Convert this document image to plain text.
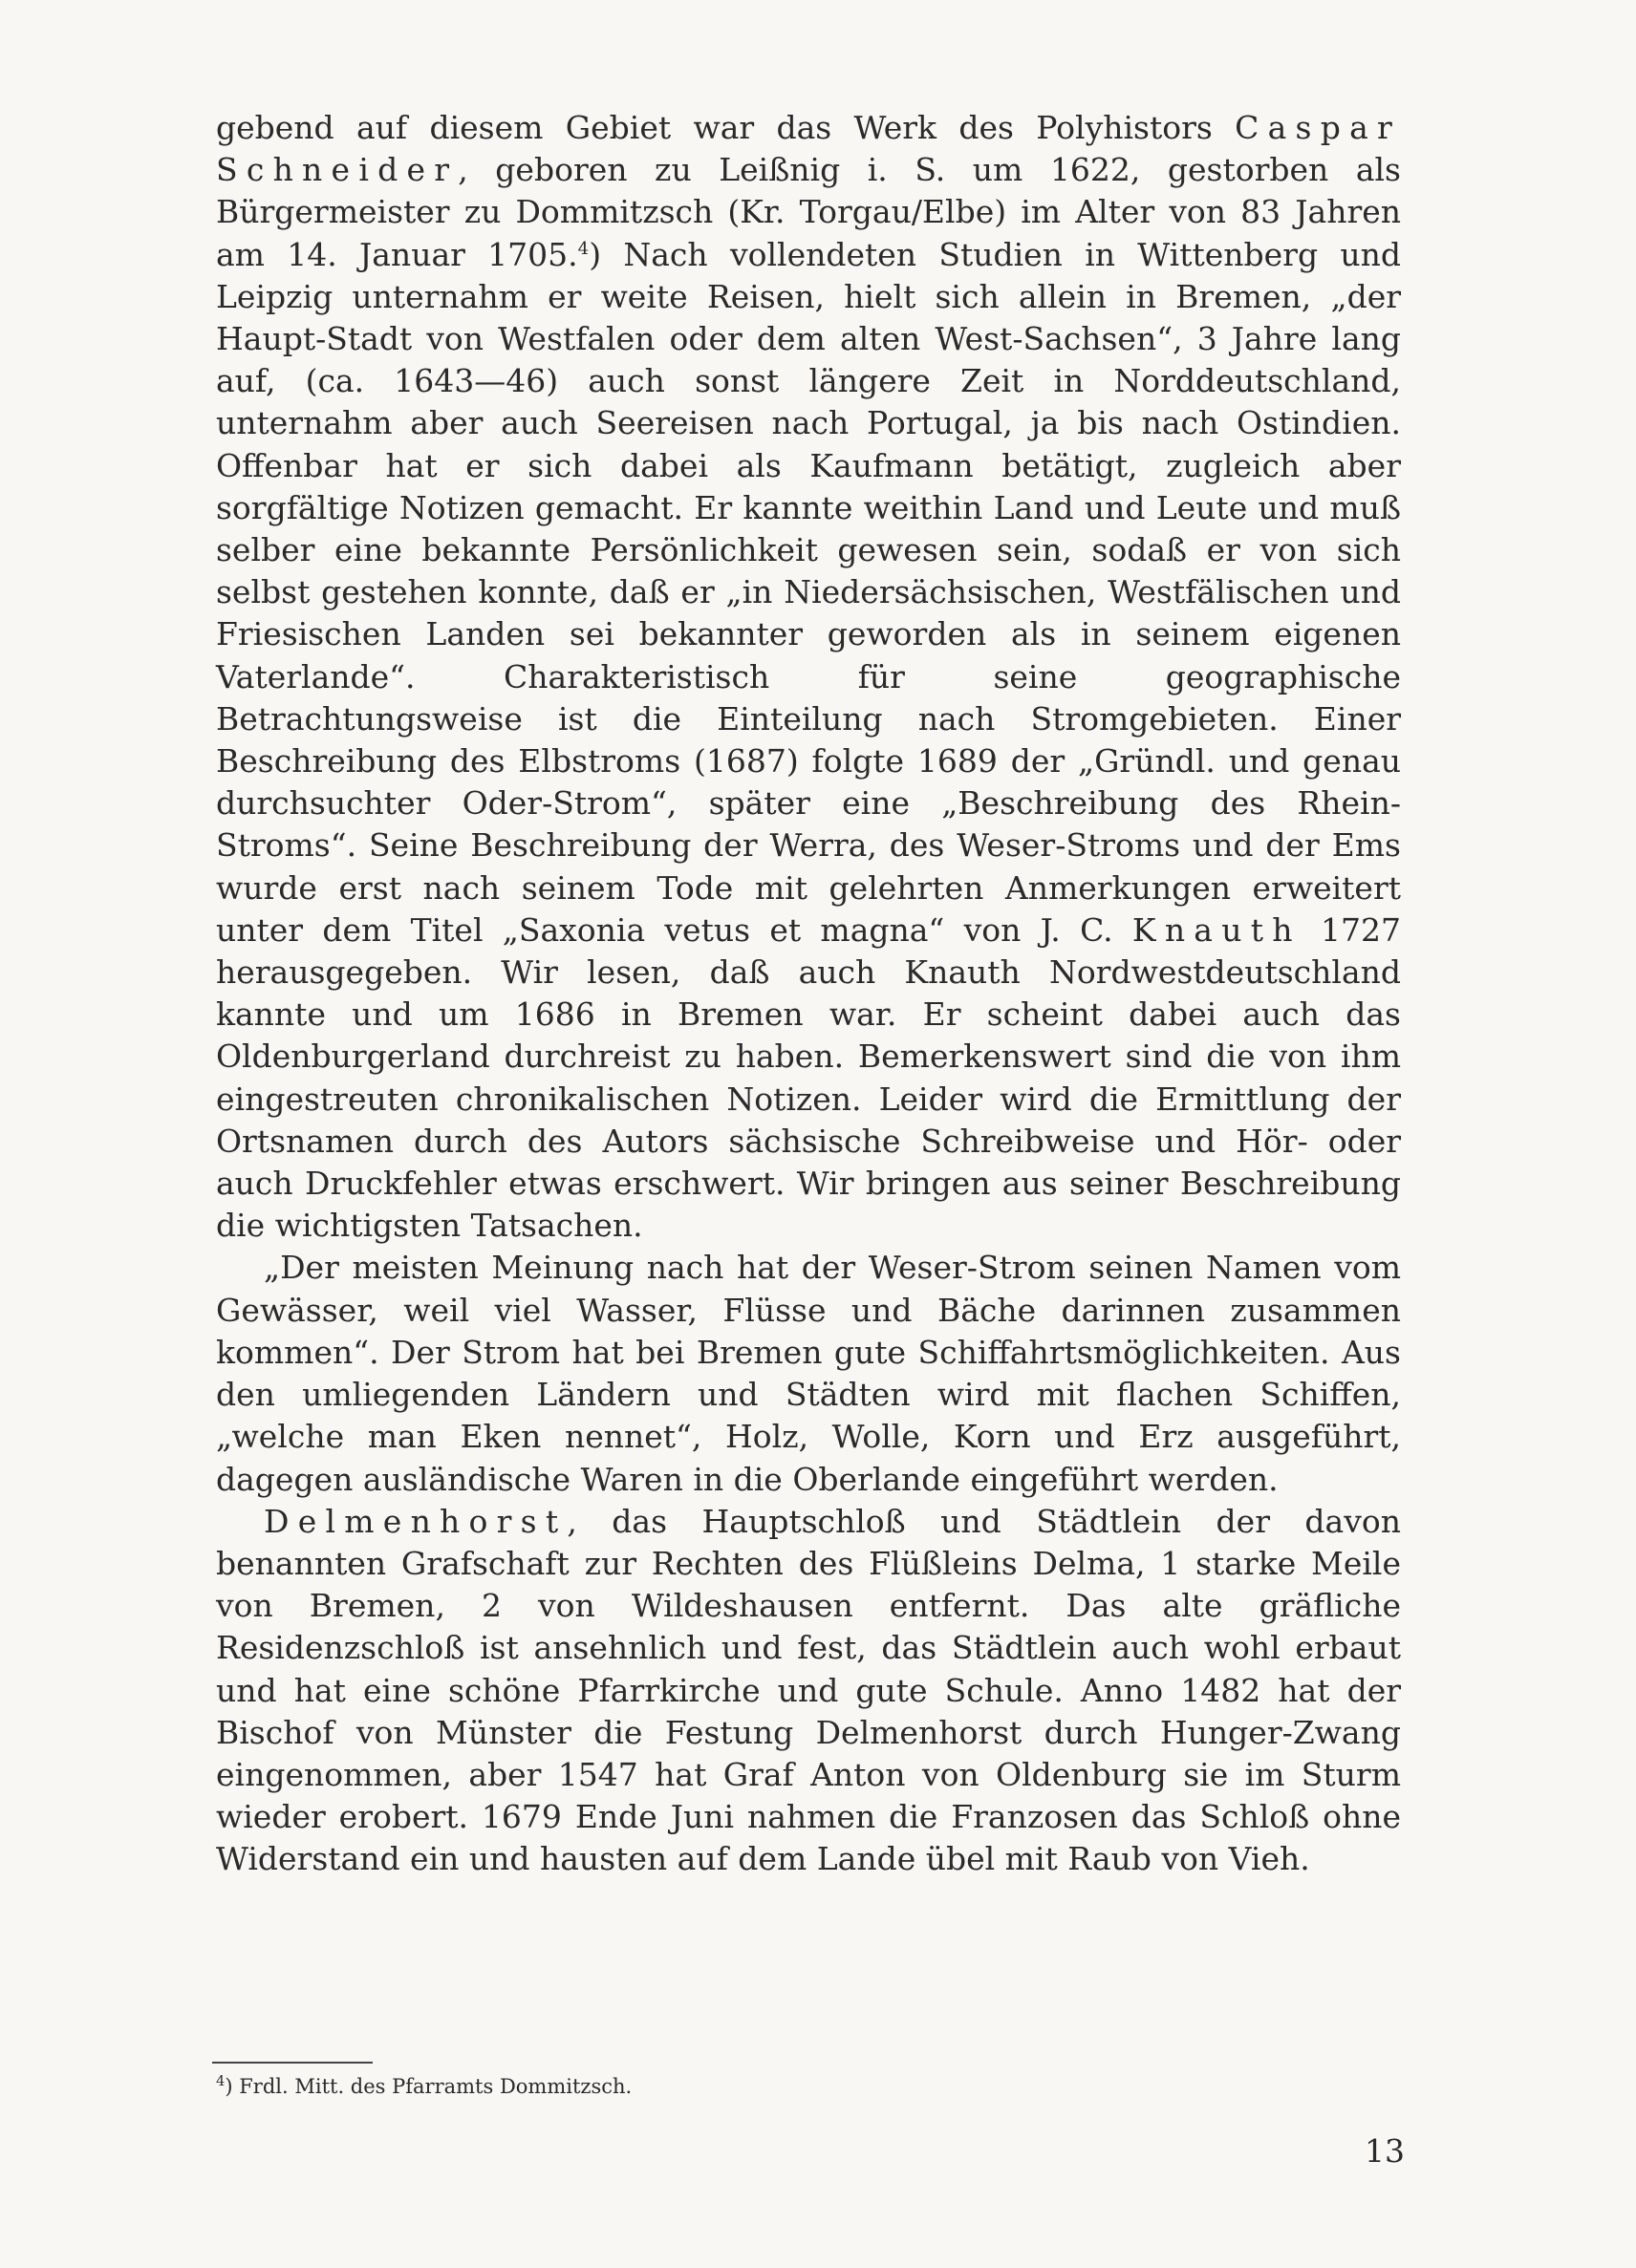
gebend auf diesem Gebiet war das Werk des Polyhistors Caspar Schneider, geboren zu Leißnig i. S. um 1622, gestorben als Bürgermeister zu Dommitzsch (Kr. Torgau/Elbe) im Alter von 83 Jahren am 14. Januar 1705.$^4$) Nach vollendeten Studien in Wittenberg und Leipzig unternahm er weite Reisen, hielt sich allein in Bremen, „der Haupt-Stadt von Westfalen oder dem alten West-Sachsen“, 3 Jahre lang auf, (ca. 1643—46) auch sonst längere Zeit in Norddeutschland, unternahm aber auch Seereisen nach Portugal, ja bis nach Ostindien. Offenbar hat er sich dabei als Kaufmann betätigt, zugleich aber sorgfältige Notizen gemacht. Er kannte weithin Land und Leute und muß selber eine bekannte Persönlichkeit gewesen sein, sodaß er von sich selbst gestehen konnte, daß er „in Niedersächsischen, Westfälischen und Friesischen Landen sei bekannter geworden als in seinem eigenen Vaterlande“. Charakteristisch für seine geographische Betrachtungsweise ist die Einteilung nach Stromgebieten. Einer Beschreibung des Elbstroms (1687) folgte 1689 der „Gründl. und genau durchsuchter Oder-Strom“, später eine „Beschreibung des Rhein-Stroms“. Seine Beschreibung der Werra, des Weser-Stroms und der Ems wurde erst nach seinem Tode mit gelehrten Anmerkungen erweitert unter dem Titel „Saxonia vetus et magna“ von J. C. Knauth 1727 herausgegeben. Wir lesen, daß auch Knauth Nordwestdeutschland kannte und um 1686 in Bremen war. Er scheint dabei auch das Oldenburgerland durchreist zu haben. Bemerkenswert sind die von ihm eingestreuten chronikalischen Notizen. Leider wird die Ermittlung der Ortsnamen durch des Autors sächsische Schreibweise und Hör- oder auch Druckfehler etwas erschwert. Wir bringen aus seiner Beschreibung die wichtigsten Tatsachen.

„Der meisten Meinung nach hat der Weser-Strom seinen Namen vom Gewässer, weil viel Wasser, Flüsse und Bäche darinnen zusammen kommen“. Der Strom hat bei Bremen gute Schiffahrtsmöglichkeiten. Aus den umliegenden Ländern und Städten wird mit flachen Schiffen, „welche man Eken nennet“, Holz, Wolle, Korn und Erz ausgeführt, dagegen ausländische Waren in die Oberlande eingeführt werden.

Delmenhorst, das Hauptschloß und Städtlein der davon benannten Grafschaft zur Rechten des Flüßleins Delma, 1 starke Meile von Bremen, 2 von Wildeshausen entfernt. Das alte gräfliche Residenzschloß ist ansehnlich und fest, das Städtlein auch wohl erbaut und hat eine schöne Pfarrkirche und gute Schule. Anno 1482 hat der Bischof von Münster die Festung Delmenhorst durch Hunger-Zwang eingenommen, aber 1547 hat Graf Anton von Oldenburg sie im Sturm wieder erobert. 1679 Ende Juni nahmen die Franzosen das Schloß ohne Widerstand ein und hausten auf dem Lande übel mit Raub von Vieh.

$^4$) Frdl. Mitt. des Pfarramts Dommitzsch.
13
